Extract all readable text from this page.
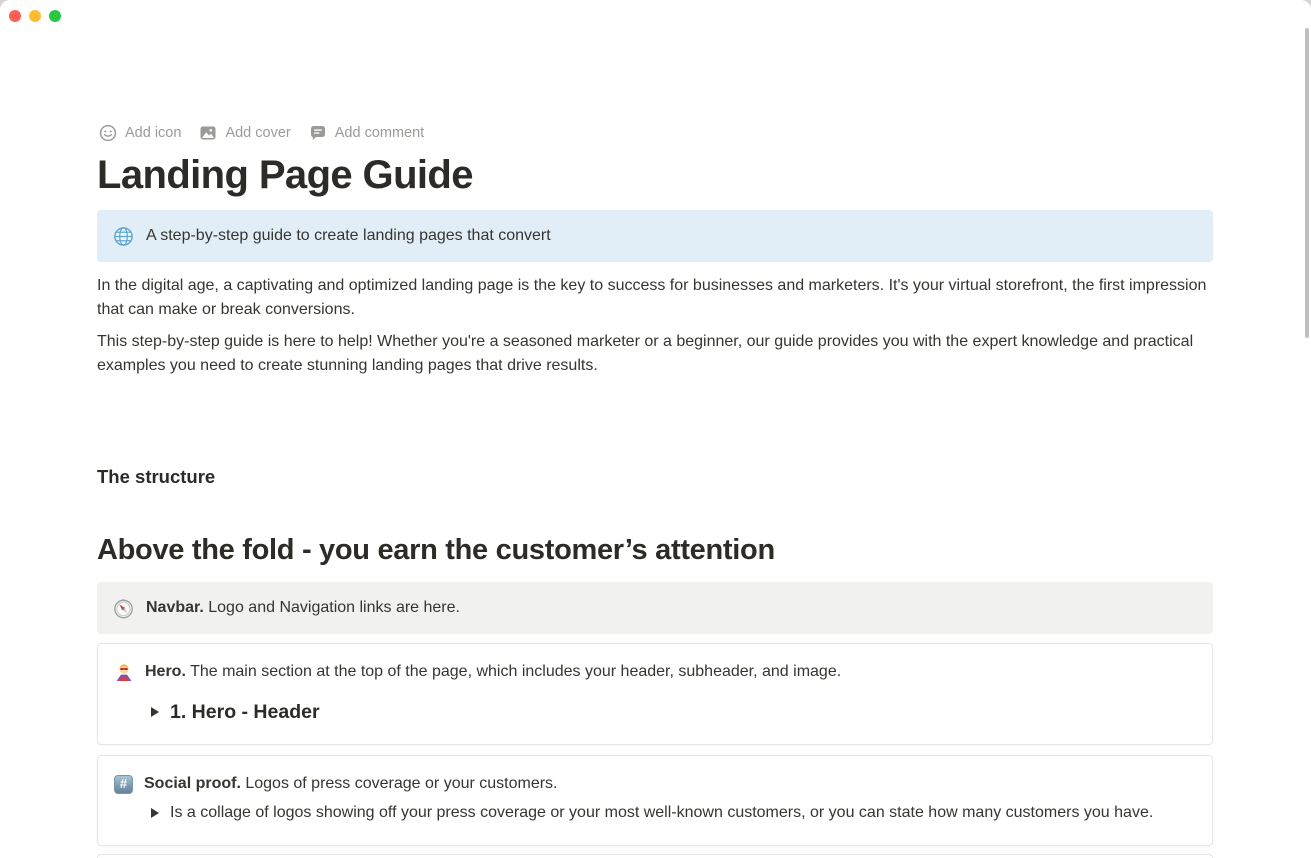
Add icon	Add cover	Add comment
Landing Page Guide
A step-by-step guide to create landing pages that convert

In the digital age, a captivating and optimized landing page is the key to success for businesses and marketers. It's your virtual storefront, the first impression that can make or break conversions.

This step-by-step guide is here to help! Whether you're a seasoned marketer or a beginner, our guide provides you with the expert knowledge and practical examples you need to create stunning landing pages that drive results.

The structure
Above the fold - you earn the customer’s attention
Navbar. Logo and Navigation links are here.
Hero. The main section at the top of the page, which includes your header, subheader, and image.
1. Hero - Header
#	Social proof. Logos of press coverage or your customers.
Is a collage of logos showing off your press coverage or your most well-known customers, or you can state how many customers you have.
